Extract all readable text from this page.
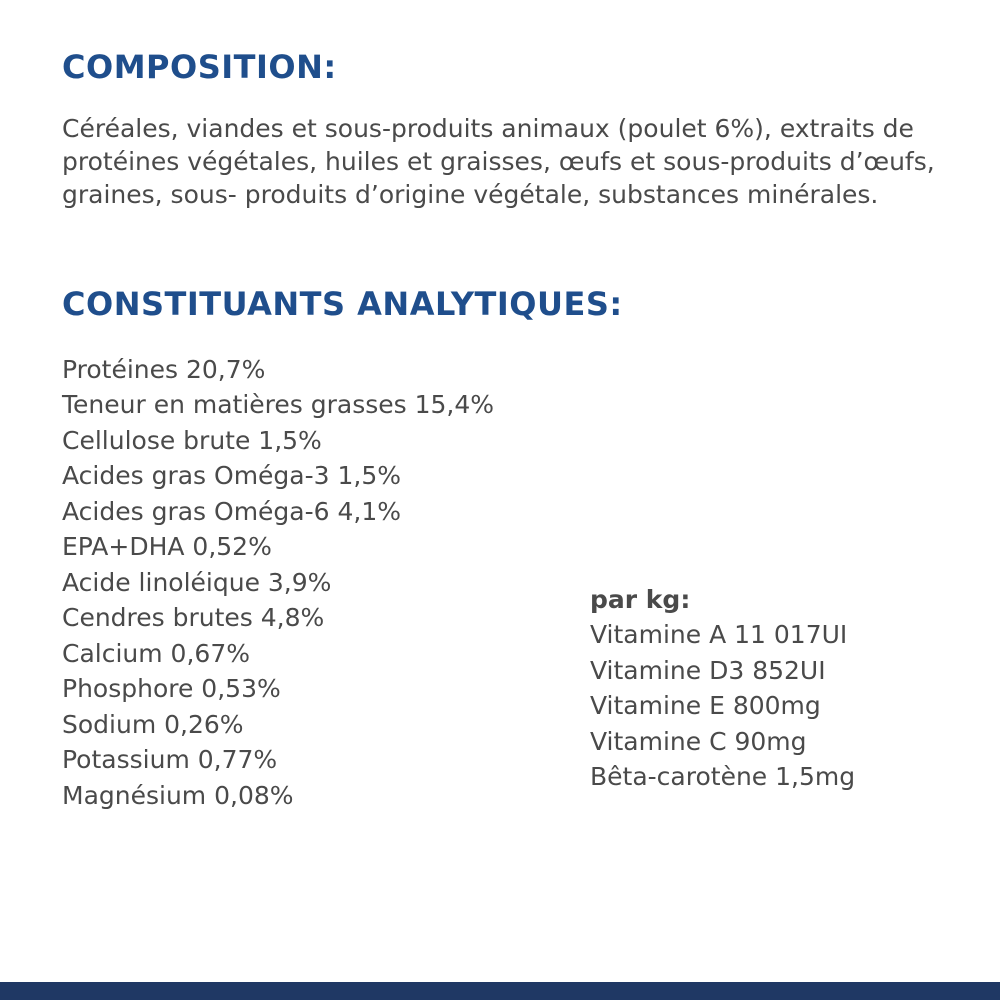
COMPOSITION:

Céréales, viandes et sous-produits animaux (poulet 6%), extraits de protéines végétales, huiles et graisses, œufs et sous-produits d’œufs, graines, sous- produits d’origine végétale, substances minérales.

CONSTITUANTS ANALYTIQUES:
Protéines 20,7%
Teneur en matières grasses 15,4%
Cellulose brute 1,5%
Acides gras Oméga-3 1,5%
Acides gras Oméga-6 4,1%
EPA+DHA 0,52%
Acide linoléique 3,9%
Cendres brutes 4,8%
Calcium 0,67%
Phosphore 0,53%
Sodium 0,26%
Potassium 0,77%
Magnésium 0,08%
par kg:
Vitamine A 11 017UI
Vitamine D3 852UI
Vitamine E 800mg
Vitamine C 90mg
Bêta-carotène 1,5mg
